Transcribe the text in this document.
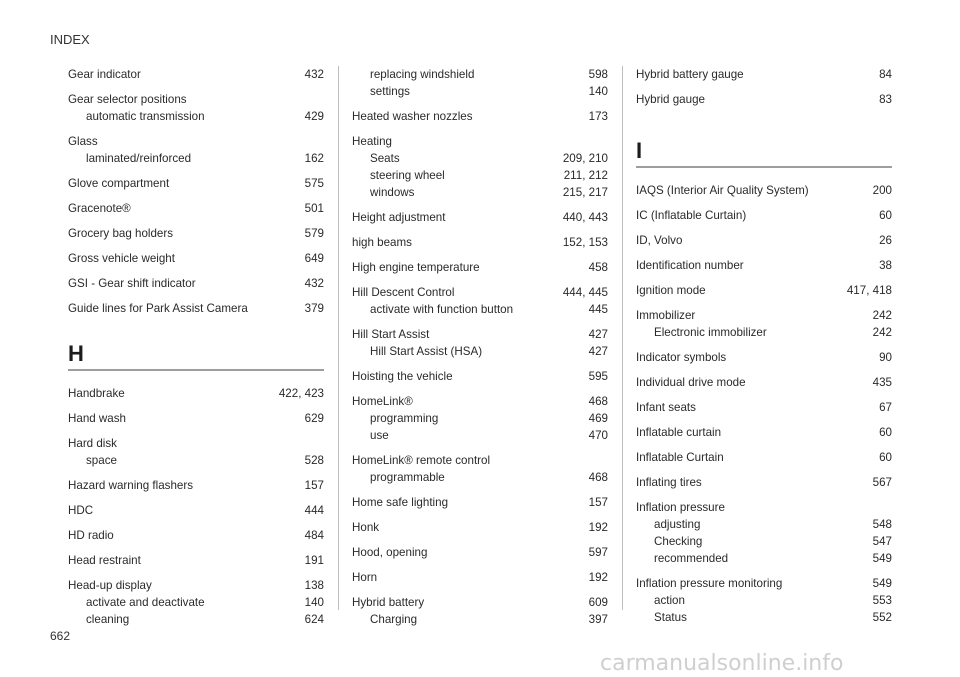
INDEX
Gear indicator	432
Gear selector positions
automatic transmission	429
Glass
laminated/reinforced	162
Glove compartment	575
Gracenote®	501
Grocery bag holders	579
Gross vehicle weight	649
GSI - Gear shift indicator	432
Guide lines for Park Assist Camera	379
H
Handbrake	422, 423
Hand wash	629
Hard disk
space	528
Hazard warning flashers	157
HDC	444
HD radio	484
Head restraint	191
Head-up display	138
activate and deactivate	140
cleaning	624
replacing windshield	598
settings	140
Heated washer nozzles	173
Heating
Seats	209, 210
steering wheel	211, 212
windows	215, 217
Height adjustment	440, 443
high beams	152, 153
High engine temperature	458
Hill Descent Control	444, 445
activate with function button	445
Hill Start Assist	427
Hill Start Assist (HSA)	427
Hoisting the vehicle	595
HomeLink®	468
programming	469
use	470
HomeLink® remote control
programmable	468
Home safe lighting	157
Honk	192
Hood, opening	597
Horn	192
Hybrid battery	609
Charging	397
Hybrid battery gauge	84
Hybrid gauge	83
I
IAQS (Interior Air Quality System)	200
IC (Inflatable Curtain)	60
ID, Volvo	26
Identification number	38
Ignition mode	417, 418
Immobilizer	242
Electronic immobilizer	242
Indicator symbols	90
Individual drive mode	435
Infant seats	67
Inflatable curtain	60
Inflatable Curtain	60
Inflating tires	567
Inflation pressure
adjusting	548
Checking	547
recommended	549
Inflation pressure monitoring	549
action	553
Status	552
662
carmanualsonline.info
